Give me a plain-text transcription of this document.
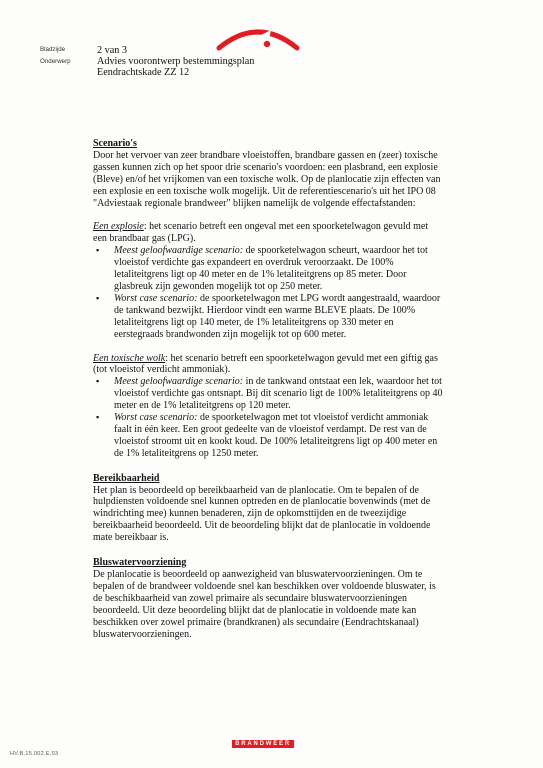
Bladzijde
Onderwerp
2 van 3
Advies voorontwerp bestemmingsplan
Eendrachtskade ZZ 12

Scenario's

Door het vervoer van zeer brandbare vloeistoffen, brandbare gassen en (zeer) toxische gassen kunnen zich op het spoor drie scenario's voordoen: een plasbrand, een explosie (Bleve) en/of het vrijkomen van een toxische wolk. Op de planlocatie zijn effecten van een explosie en een toxische wolk mogelijk. Uit de referentiescenario's uit het IPO 08 "Adviestaak regionale brandweer" blijken namelijk de volgende effectafstanden:

Een explosie: het scenario betreft een ongeval met een spoorketelwagon gevuld met een brandbaar gas (LPG).

▪ Meest geloofwaardige scenario: de spoorketelwagon scheurt, waardoor het tot vloeistof verdichte gas expandeert en overdruk veroorzaakt. De 100% letaliteitgrens ligt op 40 meter en de 1% letaliteitgrens op 85 meter. Door glasbreuk zijn gewonden mogelijk tot op 250 meter.
▪ Worst case scenario: de spoorketelwagon met LPG wordt aangestraald, waardoor de tankwand bezwijkt. Hierdoor vindt een warme BLEVE plaats. De 100% letaliteitgrens ligt op 140 meter, de 1% letaliteitgrens op 330 meter en eerstegraads brandwonden zijn mogelijk tot op 600 meter.

Een toxische wolk: het scenario betreft een spoorketelwagon gevuld met een giftig gas (tot vloeistof verdicht ammoniak).

▪ Meest geloofwaardige scenario: in de tankwand ontstaat een lek, waardoor het tot vloeistof verdichte gas ontsnapt. Bij dit scenario ligt de 100% letaliteitgrens op 40 meter en de 1% letaliteitgrens op 120 meter.
▪ Worst case scenario: de spoorketelwagon met tot vloeistof verdicht ammoniak faalt in één keer. Een groot gedeelte van de vloeistof verdampt. De rest van de vloeistof stroomt uit en kookt koud. De 100% letaliteitgrens ligt op 400 meter en de 1% letaliteitgrens op 1250 meter.

Bereikbaarheid

Het plan is beoordeeld op bereikbaarheid van de planlocatie. Om te bepalen of de hulpdiensten voldoende snel kunnen optreden en de planlocatie bovenwinds (met de windrichting mee) kunnen benaderen, zijn de opkomsttijden en de tweezijdige bereikbaarheid beoordeeld. Uit de beoordeling blijkt dat de planlocatie in voldoende mate bereikbaar is.

Bluswatervoorziening

De planlocatie is beoordeeld op aanwezigheid van bluswatervoorzieningen. Om te bepalen of de brandweer voldoende snel kan beschikken over voldoende bluswater, is de beschikbaarheid van zowel primaire als secundaire bluswatervoorzieningen beoordeeld. Uit deze beoordeling blijkt dat de planlocatie in voldoende mate kan beschikken over zowel primaire (brandkranen) als secundaire (Eendrachtskanaal) bluswatervoorzieningen.

BRANDWEER
HV.B.15.002.E.03
